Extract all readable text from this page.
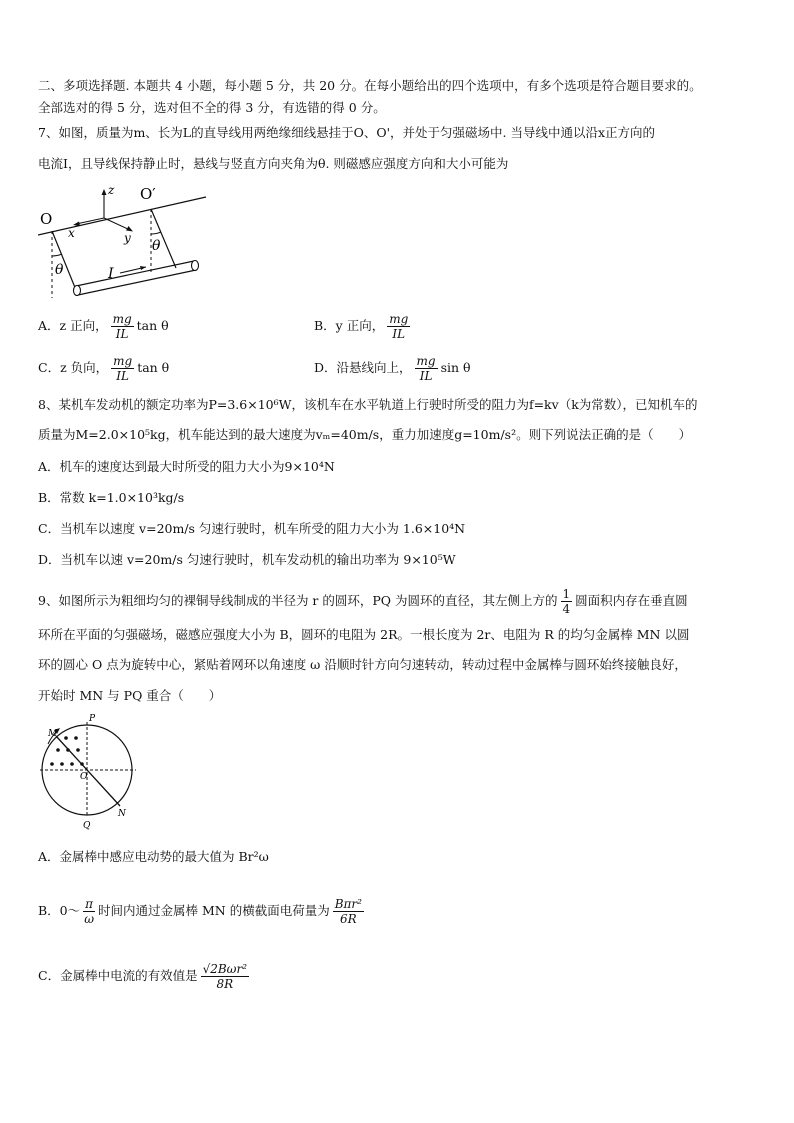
二、多项选择题. 本题共 4 小题，每小题 5 分，共 20 分。在每小题给出的四个选项中，有多个选项是符合题目要求的。
全部选对的得 5 分，选对但不全的得 3 分，有选错的得 0 分。
7、如图，质量为m、长为L的直导线用两绝缘细线悬挂于O、O'，并处于匀强磁场中. 当导线中通以沿x正方向的
电流I，且导线保持静止时，悬线与竖直方向夹角为θ. 则磁感应强度方向和大小可能为
O
O′
z
x	y
θ
θ
I
A．z 正向， $\frac{mg}{IL}$ tan θ	B．y 正向， $\frac{mg}{IL}$
C．z 负向， $\frac{mg}{IL}$ tan θ	D．沿悬线向上， $\frac{mg}{IL}$ sin θ
8、某机车发动机的额定功率为P=3.6×10⁶W，该机车在水平轨道上行驶时所受的阻力为f=kv（k为常数），已知机车的
质量为M=2.0×10⁵kg，机车能达到的最大速度为vₘ=40m/s，重力加速度g=10m/s²。则下列说法正确的是（　　）
A．机车的速度达到最大时所受的阻力大小为9×10⁴N
B．常数 k=1.0×10³kg/s
C．当机车以速度 v=20m/s 匀速行驶时，机车所受的阻力大小为 1.6×10⁴N
D．当机车以速 v=20m/s 匀速行驶时，机车发动机的输出功率为 9×10⁵W
9、如图所示为粗细均匀的裸铜导线制成的半径为 r 的圆环，PQ 为圆环的直径，其左侧上方的 $\frac{1}{4}$ 圆面积内存在垂直圆
环所在平面的匀强磁场，磁感应强度大小为 B，圆环的电阻为 2R。一根长度为 2r、电阻为 R 的均匀金属棒 MN 以圆
环的圆心 O 点为旋转中心，紧贴着网环以角速度 ω 沿顺时针方向匀速转动，转动过程中金属棒与圆环始终接触良好，
开始时 MN 与 PQ 重合（　　）
P
M
O
N
Q
A．金属棒中感应电动势的最大值为 Br²ω
B．0～ $\frac{\pi}{\omega}$ 时间内通过金属棒 MN 的横截面电荷量为 $\frac{\text{Bπr²}}{6R}$
C．金属棒中电流的有效值是 $\frac{\text{√2Bωr²}}{8R}$
